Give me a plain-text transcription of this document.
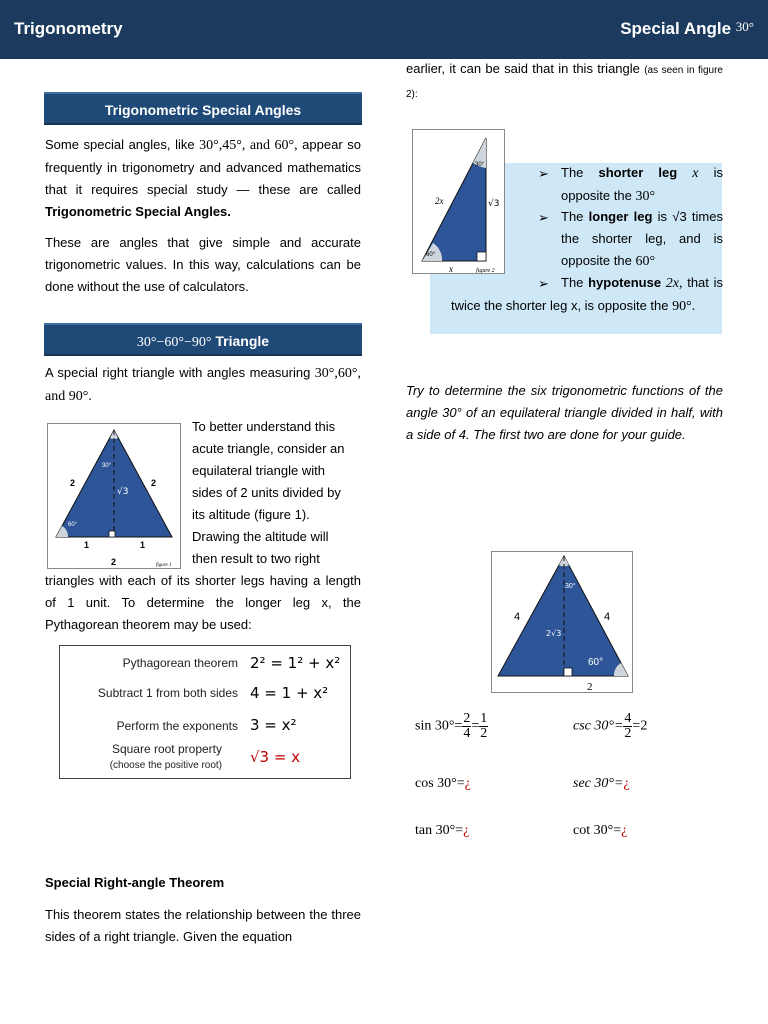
Trigonometry	Special Angle $^{30^\circ}$
Trigonometric Special Angles
Some special angles, like 30°,45°, and 60°, appear so frequently in trigonometry and advanced mathematics that it requires special study — these are called Trigonometric Special Angles.
These are angles that give simple and accurate trigonometric values. In this way, calculations can be done without the use of calculators.
30°−60°−90° Triangle
A special right triangle with angles measuring 30°,60°, and 90°.
2	2
√3
30°
60°
1	1
2	figure 1
To better understand this
acute triangle, consider an
equilateral triangle with
sides of 2 units divided by
its altitude (figure 1).
Drawing the altitude will
then result to two right
triangles with each of its shorter legs having a length of 1 unit. To determine the longer leg x, the Pythagorean theorem may be used:
Pythagorean theorem 2² = 1² + x²
Subtract 1 from both sides 4 = 1 + x²
Perform the exponents 3 = x²
Square root property √3 = x
(choose the positive root)
Special Right-angle Theorem
This theorem states the relationship between the three sides of a right triangle. Given the equation
earlier, it can be said that in this triangle (as seen in figure 2):
2x	√3
x
30°
60°
figure 2
➢ The shorter leg x is opposite the 30°
➢ The longer leg is √3 times the shorter leg, and is opposite the 60°
➢ The hypotenuse 2x, that is twice the shorter leg x, is opposite the 90°.
Try to determine the six trigonometric functions of the angle 30° of an equilateral triangle divided in half, with a side of 4. The first two are done for your guide.
4	4
2√3
30°
60°
2
$\sin 30^\circ= \frac{2}{4} = \frac{1}{2}$	$\csc 30^\circ= \frac{4}{2} =2$
cos 30°=¿	sec 30°=¿
tan 30°=¿	cot 30°=¿
